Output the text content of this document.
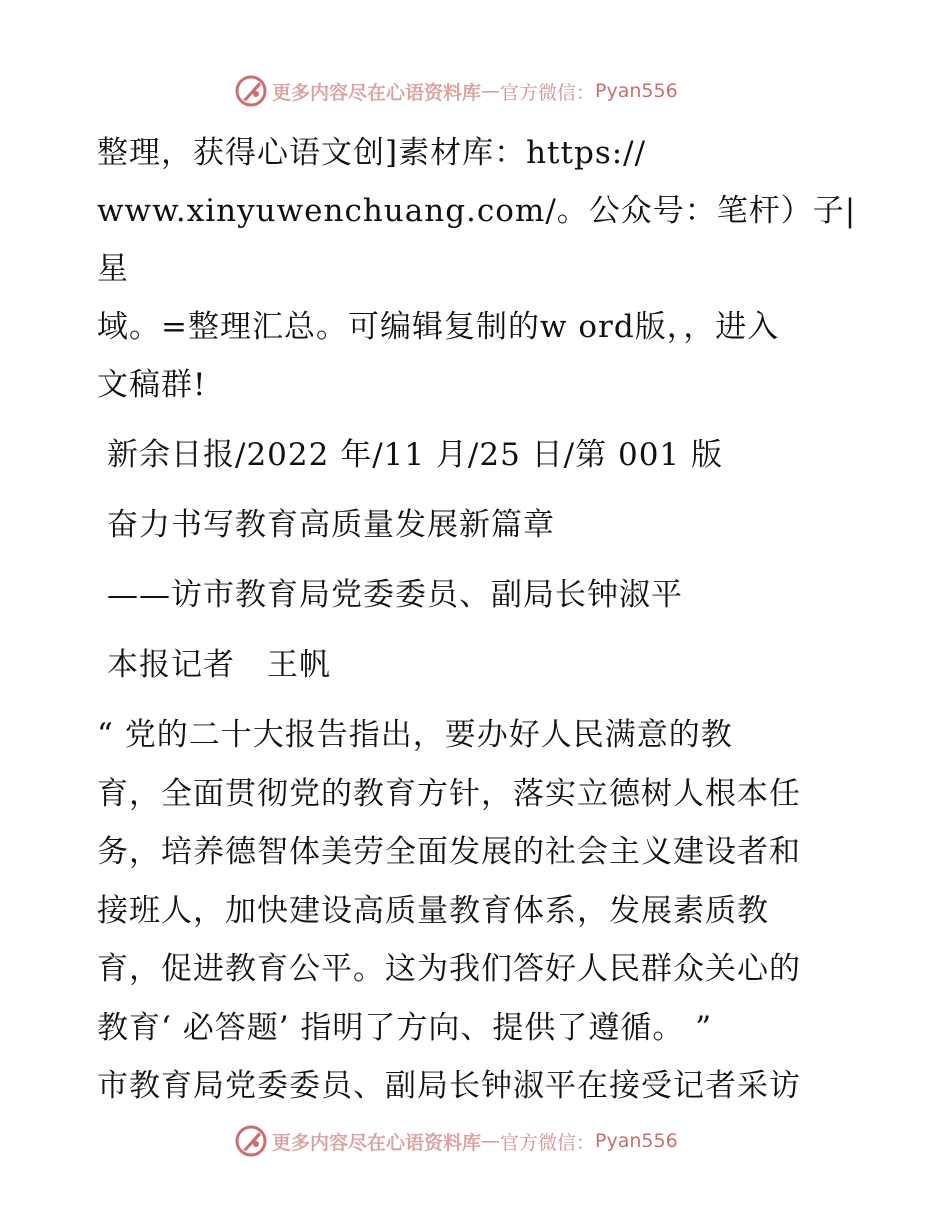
更多内容尽在心语资料库 — 官方微信： Pyan556
整理，获得心语文创]素材库：https://
www.xinyuwenchuang.com/。公众号：笔杆）子|星
域。=整理汇总。可编辑复制的w ord版，，进入
文稿群!
新余日报/2022 年/11 月/25 日/第 001 版
奋力书写教育高质量发展新篇章
——访市教育局党委委员、副局长钟淑平
本报记者　王帆
“ 党的二十大报告指出，要办好人民满意的教
育，全面贯彻党的教育方针，落实立德树人根本任
务，培养德智体美劳全面发展的社会主义建设者和
接班人，加快建设高质量教育体系，发展素质教
育，促进教育公平。这为我们答好人民群众关心的
教育‘ 必答题’ 指明了方向、提供了遵循。 ”
市教育局党委委员、副局长钟淑平在接受记者采访
更多内容尽在心语资料库 — 官方微信： Pyan556
